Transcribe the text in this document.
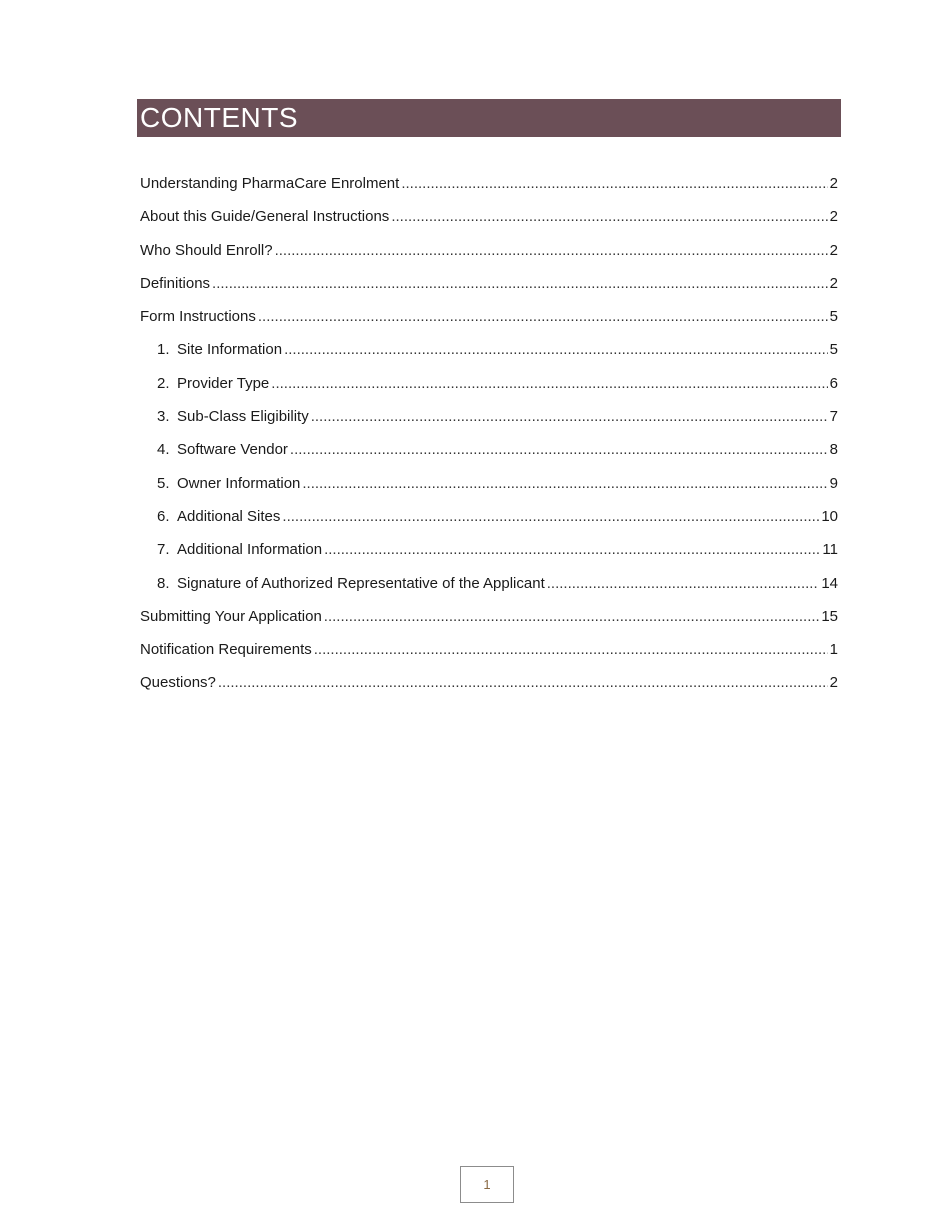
CONTENTS
Understanding PharmaCare Enrolment .....	2
About this Guide/General Instructions .....	2
Who Should Enroll? .....	2
Definitions .....	2
Form Instructions .....	5
1. Site Information .....	5
2. Provider Type .....	6
3. Sub-Class Eligibility .....	7
4. Software Vendor .....	8
5. Owner Information .....	9
6. Additional Sites .....	10
7. Additional Information .....	11
8. Signature of Authorized Representative of the Applicant .....	14
Submitting Your Application .....	15
Notification Requirements .....	1
Questions? .....	2
1
